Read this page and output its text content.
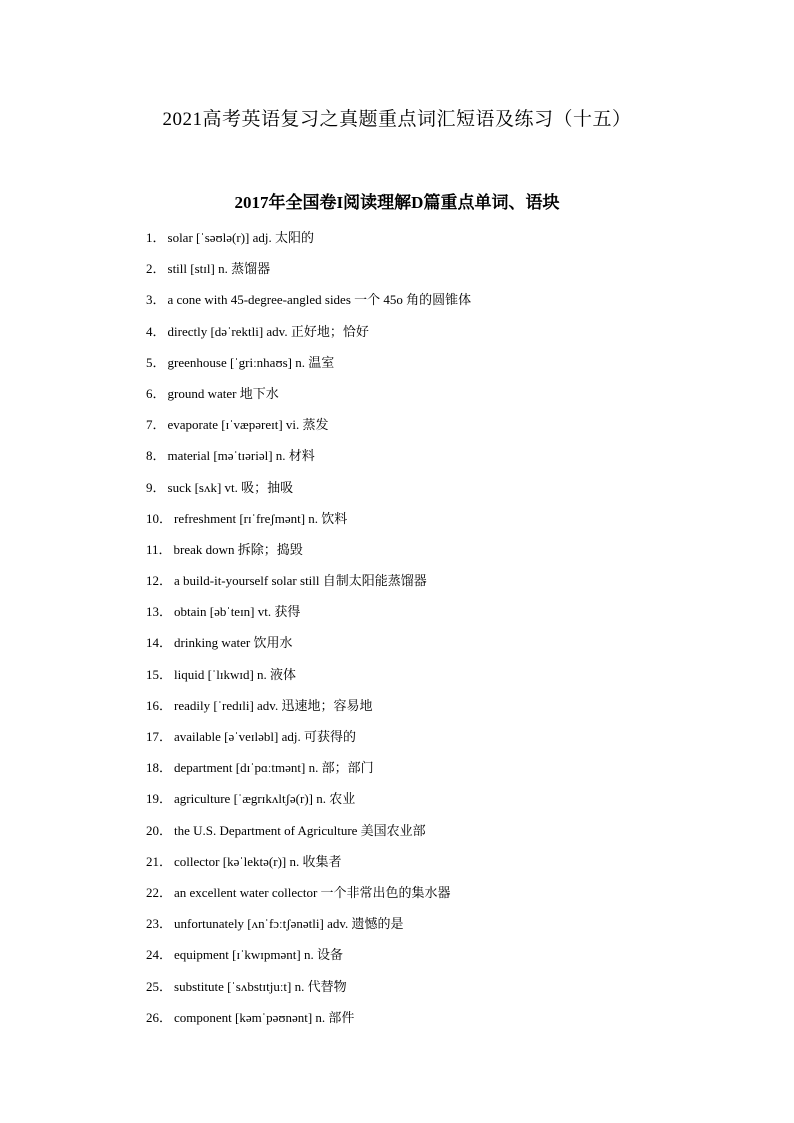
2021高考英语复习之真题重点词汇短语及练习（十五）
2017年全国卷I阅读理解D篇重点单词、语块
1． solar [ˈsəʊlə(r)] adj. 太阳的
2． still [stɪl] n. 蒸馏器
3． a cone with 45-degree-angled sides 一个 45o 角的圆锥体
4． directly [dəˈrektli] adv. 正好地；恰好
5． greenhouse [ˈgriːnhaʊs] n. 温室
6． ground water 地下水
7． evaporate [ɪˈvæpəreɪt] vi. 蒸发
8． material [məˈtɪəriəl] n. 材料
9． suck [sʌk] vt. 吸；抽吸
10． refreshment [rɪˈfreʃmənt] n. 饮料
11． break down 拆除；捣毁
12． a build-it-yourself solar still 自制太阳能蒸馏器
13． obtain [əbˈteɪn] vt. 获得
14． drinking water 饮用水
15． liquid [ˈlɪkwɪd] n. 液体
16． readily [ˈredɪli] adv. 迅速地；容易地
17． available [əˈveɪləbl] adj. 可获得的
18． department [dɪˈpɑːtmənt] n. 部；部门
19． agriculture [ˈægrɪkʌltʃə(r)] n. 农业
20． the U.S. Department of Agriculture 美国农业部
21． collector [kəˈlektə(r)] n. 收集者
22． an excellent water collector 一个非常出色的集水器
23． unfortunately [ʌnˈfɔːtʃənətli] adv. 遗憾的是
24． equipment [ɪˈkwɪpmənt] n. 设备
25． substitute [ˈsʌbstɪtjuːt] n. 代替物
26． component [kəmˈpəʊnənt] n. 部件
